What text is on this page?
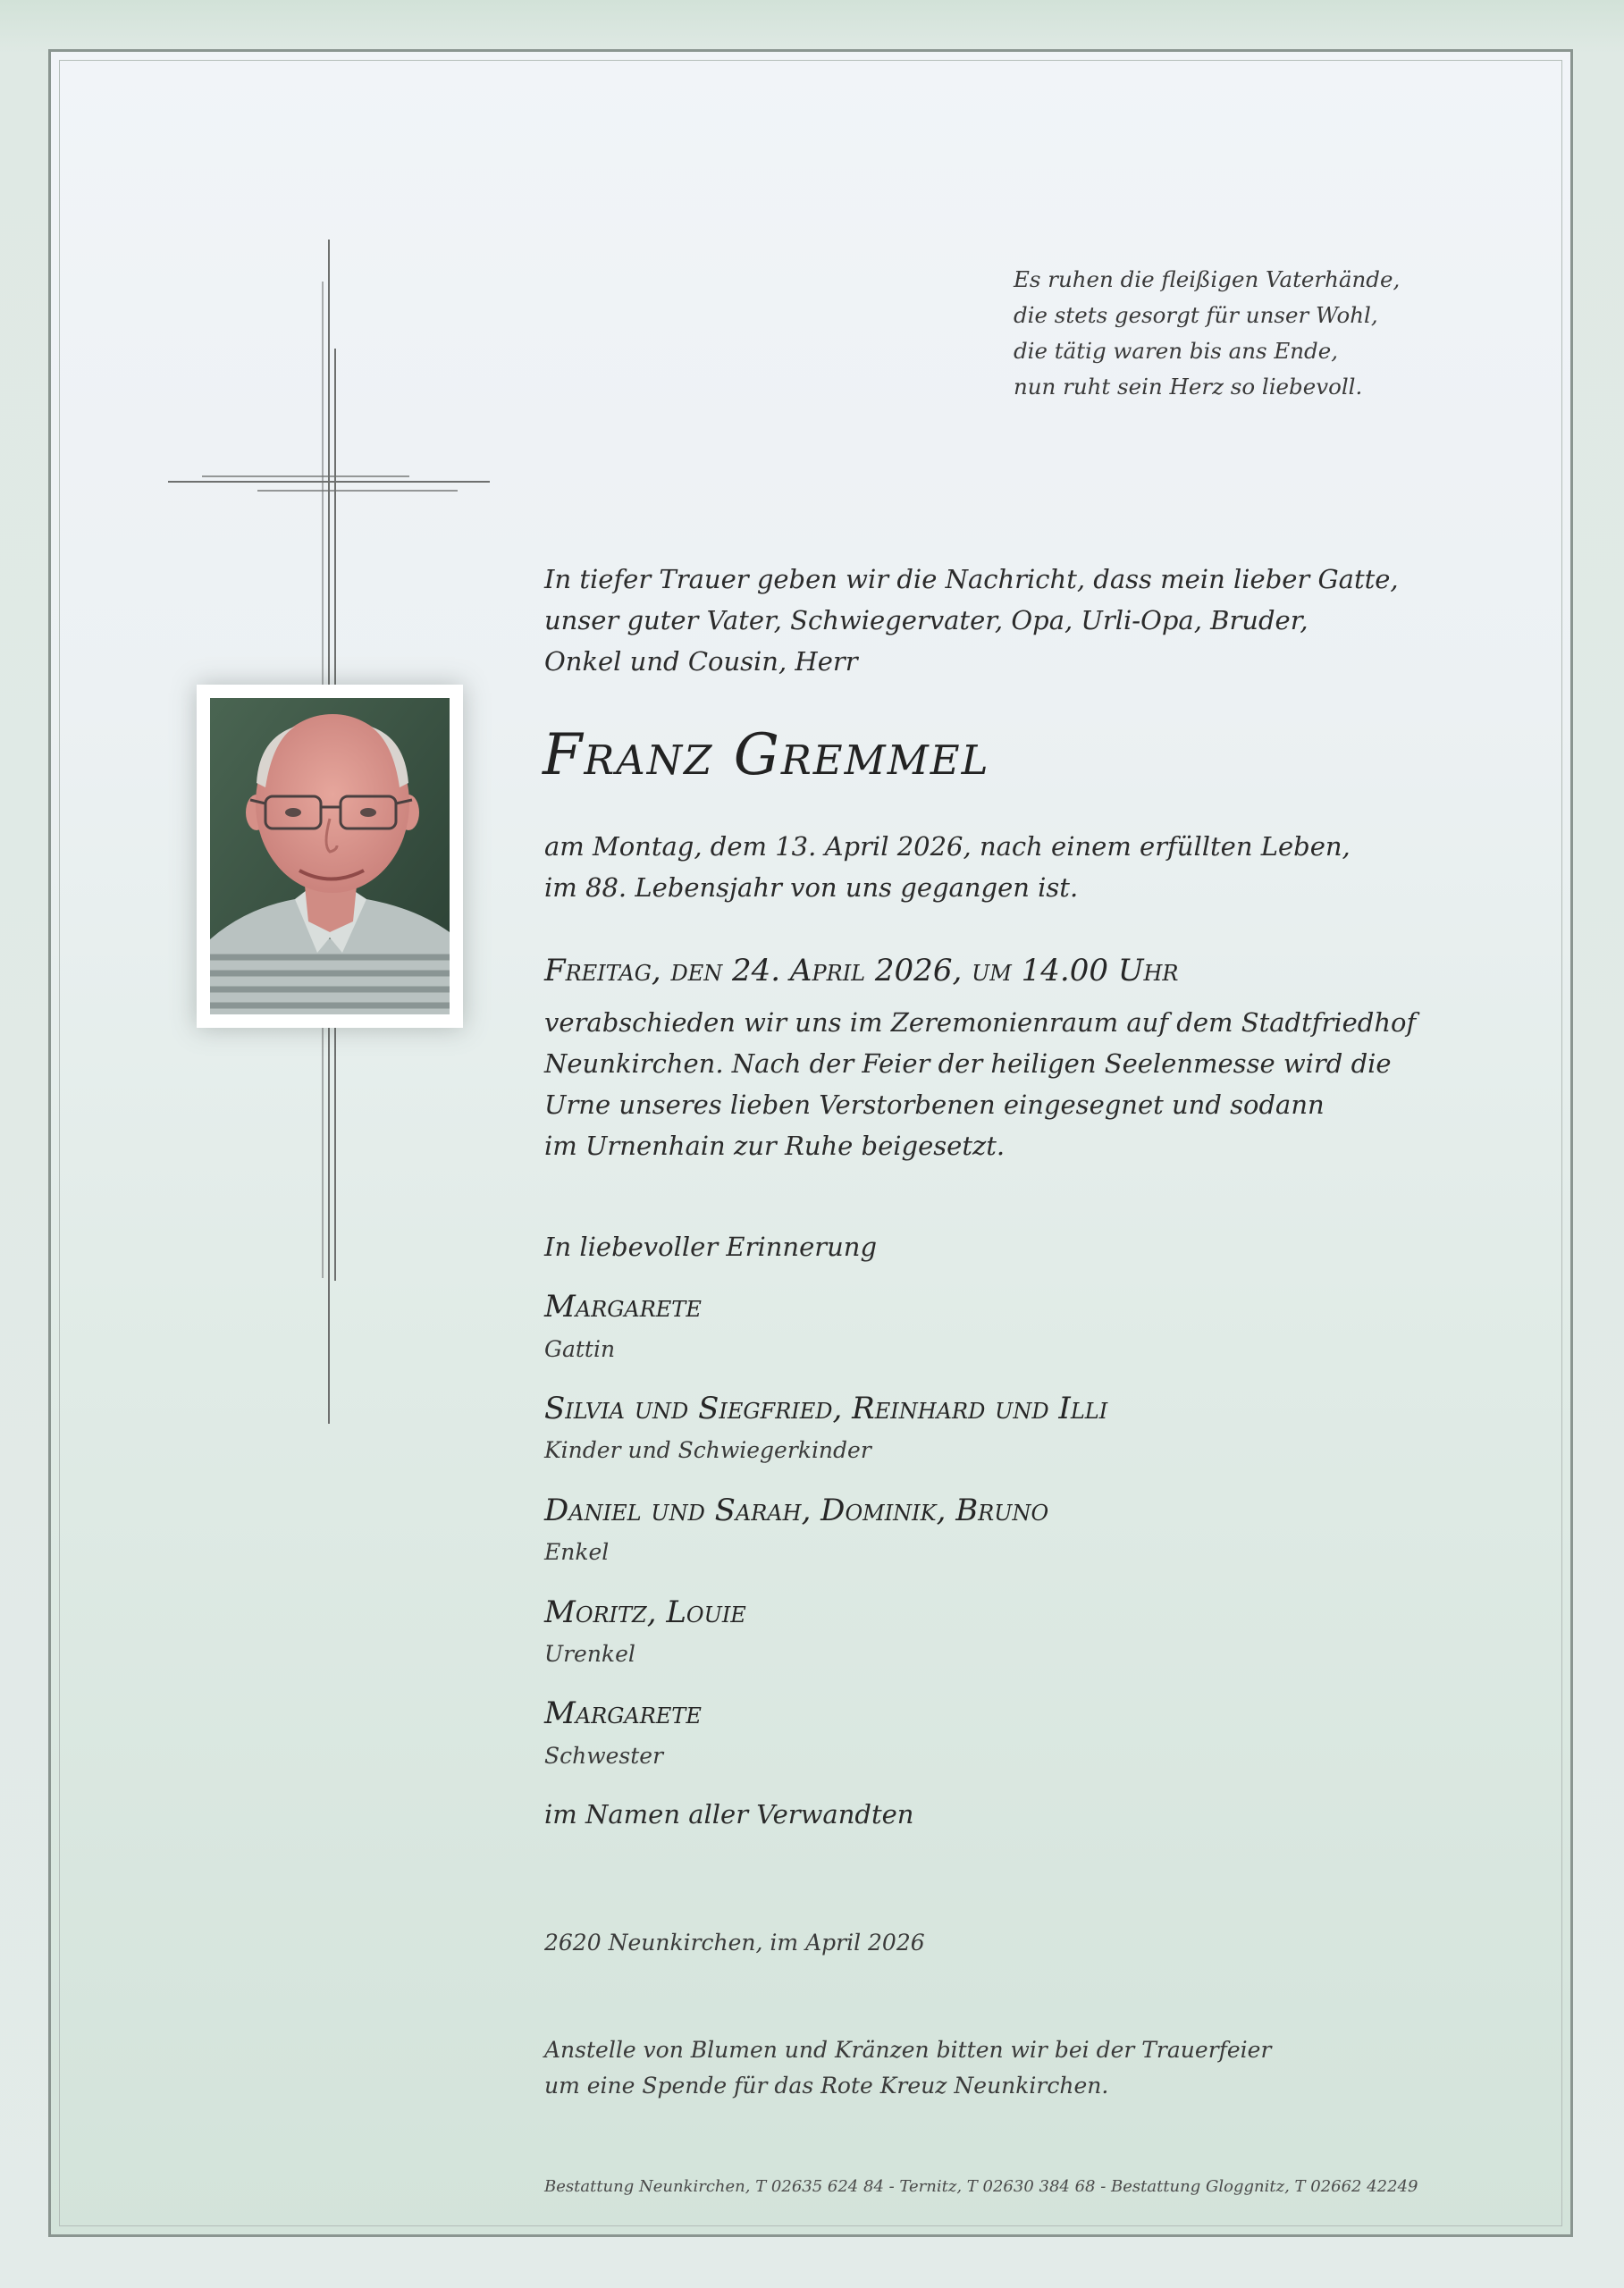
Es ruhen die fleißigen Vaterhände,
die stets gesorgt für unser Wohl,
die tätig waren bis ans Ende,
nun ruht sein Herz so liebevoll.
In tiefer Trauer geben wir die Nachricht, dass mein lieber Gatte,
unser guter Vater, Schwiegervater, Opa, Urli-Opa, Bruder,
Onkel und Cousin, Herr
Franz Gremmel
am Montag, dem 13. April 2026, nach einem erfüllten Leben,
im 88. Lebensjahr von uns gegangen ist.
Freitag, den 24. April 2026, um 14.00 Uhr
verabschieden wir uns im Zeremonienraum auf dem Stadtfriedhof
Neunkirchen. Nach der Feier der heiligen Seelenmesse wird die
Urne unseres lieben Verstorbenen eingesegnet und sodann
im Urnenhain zur Ruhe beigesetzt.
In liebevoller Erinnerung
Margarete
Gattin
Silvia und Siegfried, Reinhard und Illi
Kinder und Schwiegerkinder
Daniel und Sarah, Dominik, Bruno
Enkel
Moritz, Louie
Urenkel
Margarete
Schwester
im Namen aller Verwandten
2620 Neunkirchen, im April 2026
Anstelle von Blumen und Kränzen bitten wir bei der Trauerfeier
um eine Spende für das Rote Kreuz Neunkirchen.
Bestattung Neunkirchen, T 02635 624 84 - Ternitz, T 02630 384 68 - Bestattung Gloggnitz, T 02662 42249
